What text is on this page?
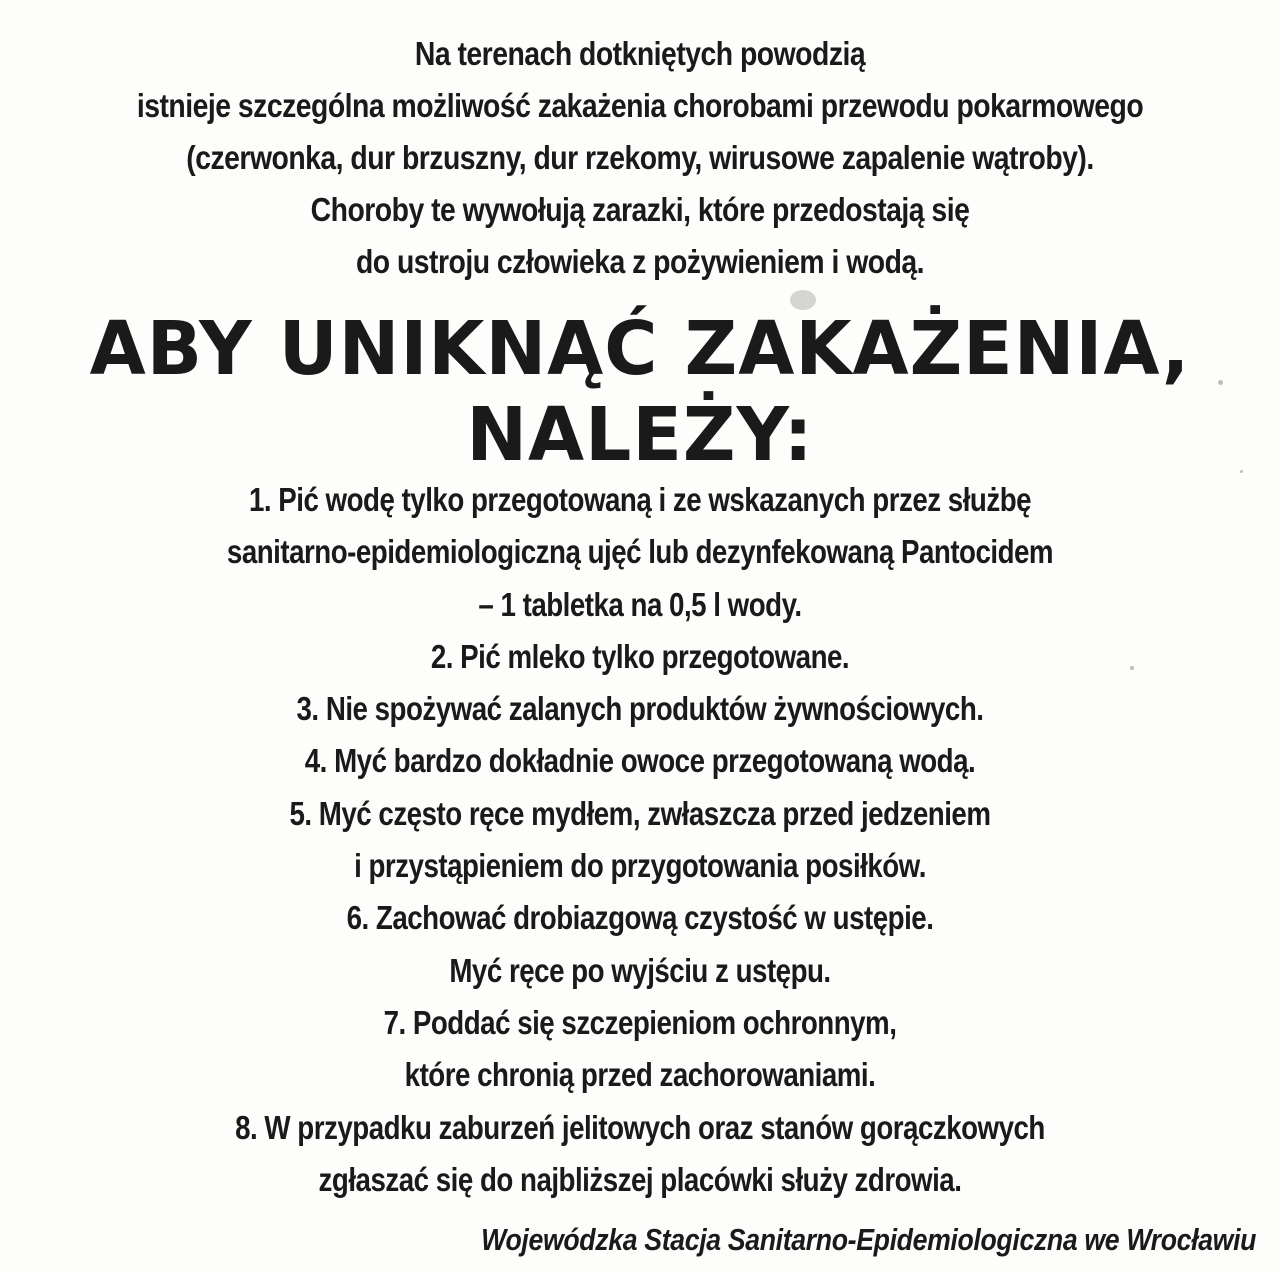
Na terenach dotkniętych powodzią
istnieje szczególna możliwość zakażenia chorobami przewodu pokarmowego
(czerwonka, dur brzuszny, dur rzekomy, wirusowe zapalenie wątroby).
Choroby te wywołują zarazki, które przedostają się
do ustroju człowieka z pożywieniem i wodą.
ABY UNIKNĄĆ ZAKAŻENIA,
NALEŻY:
1. Pić wodę tylko przegotowaną i ze wskazanych przez służbę
sanitarno-epidemiologiczną ujęć lub dezynfekowaną Pantocidem
– 1 tabletka na 0,5 l wody.
2. Pić mleko tylko przegotowane.
3. Nie spożywać zalanych produktów żywnościowych.
4. Myć bardzo dokładnie owoce przegotowaną wodą.
5. Myć często ręce mydłem, zwłaszcza przed jedzeniem
i przystąpieniem do przygotowania posiłków.
6. Zachować drobiazgową czystość w ustępie.
Myć ręce po wyjściu z ustępu.
7. Poddać się szczepieniom ochronnym,
które chronią przed zachorowaniami.
8. W przypadku zaburzeń jelitowych oraz stanów gorączkowych
zgłaszać się do najbliższej placówki służy zdrowia.
Wojewódzka Stacja Sanitarno-Epidemiologiczna we Wrocławiu
